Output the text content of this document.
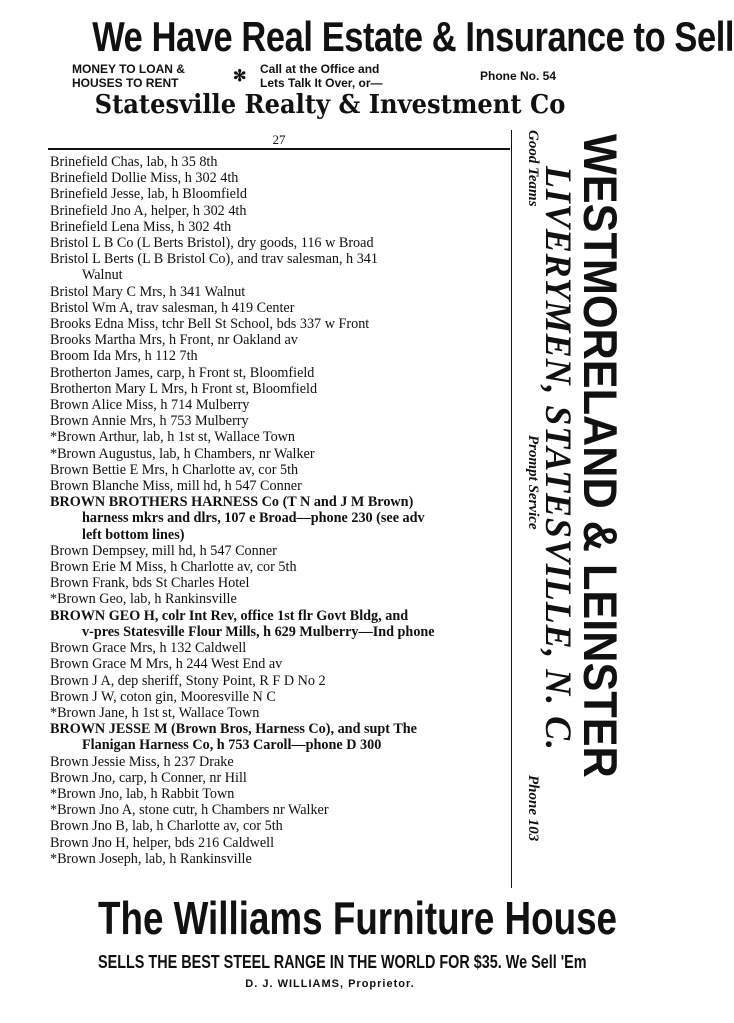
We Have Real Estate & Insurance to Sell
MONEY TO LOAN &
HOUSES TO RENT	✻ Call at the Office and
Lets Talk It Over, or—	Phone No. 54
Statesville Realty & Investment Co
27
Brinefield Chas, lab, h 35 8th
Brinefield Dollie Miss, h 302 4th
Brinefield Jesse, lab, h Bloomfield
Brinefield Jno A, helper, h 302 4th
Brinefield Lena Miss, h 302 4th
Bristol L B Co (L Berts Bristol), dry goods, 116 w Broad
Bristol L Berts (L B Bristol Co), and trav salesman, h 341
Walnut
Bristol Mary C Mrs, h 341 Walnut
Bristol Wm A, trav salesman, h 419 Center
Brooks Edna Miss, tchr Bell St School, bds 337 w Front
Brooks Martha Mrs, h Front, nr Oakland av
Broom Ida Mrs, h 112 7th
Brotherton James, carp, h Front st, Bloomfield
Brotherton Mary L Mrs, h Front st, Bloomfield
Brown Alice Miss, h 714 Mulberry
Brown Annie Mrs, h 753 Mulberry
*Brown Arthur, lab, h 1st st, Wallace Town
*Brown Augustus, lab, h Chambers, nr Walker
Brown Bettie E Mrs, h Charlotte av, cor 5th
Brown Blanche Miss, mill hd, h 547 Conner
BROWN BROTHERS HARNESS Co (T N and J M Brown)
harness mkrs and dlrs, 107 e Broad—phone 230 (see adv
left bottom lines)
Brown Dempsey, mill hd, h 547 Conner
Brown Erie M Miss, h Charlotte av, cor 5th
Brown Frank, bds St Charles Hotel
*Brown Geo, lab, h Rankinsville
BROWN GEO H, colr Int Rev, office 1st flr Govt Bldg, and
v-pres Statesville Flour Mills, h 629 Mulberry—Ind phone
Brown Grace Mrs, h 132 Caldwell
Brown Grace M Mrs, h 244 West End av
Brown J A, dep sheriff, Stony Point, R F D No 2
Brown J W, coton gin, Mooresville N C
*Brown Jane, h 1st st, Wallace Town
BROWN JESSE M (Brown Bros, Harness Co), and supt The
Flanigan Harness Co, h 753 Caroll—phone D 300
Brown Jessie Miss, h 237 Drake
Brown Jno, carp, h Conner, nr Hill
*Brown Jno, lab, h Rabbit Town
*Brown Jno A, stone cutr, h Chambers nr Walker
Brown Jno B, lab, h Charlotte av, cor 5th
Brown Jno H, helper, bds 216 Caldwell
*Brown Joseph, lab, h Rankinsville
Good Teams
Prompt Service
Phone 103
LIVERYMEN, STATESVILLE, N. C.
WESTMORELAND & LEINSTER
The Williams Furniture House
SELLS THE BEST STEEL RANGE IN THE WORLD FOR $35. We Sell 'Em
D. J. WILLIAMS, Proprietor.
